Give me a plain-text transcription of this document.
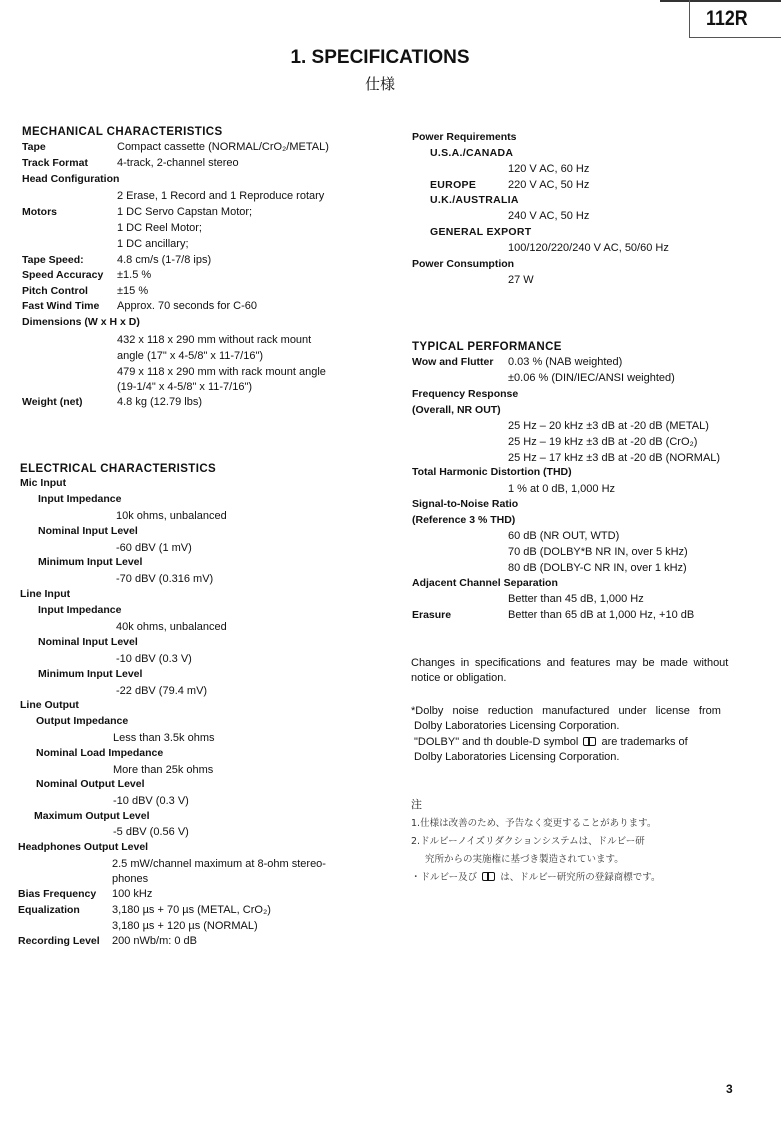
112R
1. SPECIFICATIONS
仕様
MECHANICAL CHARACTERISTICS
Tape	Compact cassette (NORMAL/CrO₂/METAL)
Track Format	4-track, 2-channel stereo
Head Configuration
2 Erase, 1 Record and 1 Reproduce rotary
Motors	1 DC Servo Capstan Motor;
1 DC Reel Motor;
1 DC ancillary;
Tape Speed:	4.8 cm/s (1-7/8 ips)
Speed Accuracy ±1.5 %
Pitch Control	±15 %
Fast Wind Time Approx. 70 seconds for C-60
Dimensions (W x H x D)
432 x 118 x 290 mm without rack mount
angle (17" x 4-5/8" x 11-7/16")
479 x 118 x 290 mm with rack mount angle
(19-1/4" x 4-5/8" x 11-7/16")
Weight (net)	4.8 kg (12.79 lbs)
ELECTRICAL CHARACTERISTICS
Mic Input
Input Impedance
10k ohms, unbalanced
Nominal Input Level
-60 dBV (1 mV)
Minimum Input Level
-70 dBV (0.316 mV)
Line Input
Input Impedance
40k ohms, unbalanced
Nominal Input Level
-10 dBV (0.3 V)
Minimum Input Level
-22 dBV (79.4 mV)
Line Output
Output Impedance
Less than 3.5k ohms
Nominal Load Impedance
More than 25k ohms
Nominal Output Level
-10 dBV (0.3 V)
Maximum Output Level
-5 dBV (0.56 V)
Headphones Output Level
2.5 mW/channel maximum at 8-ohm stereo-
phones
Bias Frequency 100 kHz
Equalization	3,180 µs + 70 µs (METAL, CrO₂)
3,180 µs + 120 µs (NORMAL)
Recording Level 200 nWb/m: 0 dB
Power Requirements
U.S.A./CANADA
120 V AC, 60 Hz
EUROPE	220 V AC, 50 Hz
U.K./AUSTRALIA
240 V AC, 50 Hz
GENERAL EXPORT
100/120/220/240 V AC, 50/60 Hz
Power Consumption
27 W
TYPICAL PERFORMANCE
Wow and Flutter 0.03 % (NAB weighted)
±0.06 % (DIN/IEC/ANSI weighted)
Frequency Response
(Overall, NR OUT)
25 Hz – 20 kHz ±3 dB at -20 dB (METAL)
25 Hz – 19 kHz ±3 dB at -20 dB (CrO₂)
25 Hz – 17 kHz ±3 dB at -20 dB (NORMAL)
Total Harmonic Distortion (THD)
1 % at 0 dB, 1,000 Hz
Signal-to-Noise Ratio
(Reference 3 % THD)
60 dB (NR OUT, WTD)
70 dB (DOLBY*B NR IN, over 5 kHz)
80 dB (DOLBY-C NR IN, over 1 kHz)
Adjacent Channel Separation
Better than 45 dB, 1,000 Hz
Erasure	Better than 65 dB at 1,000 Hz, +10 dB
Changes in specifications and features may be made without
notice or obligation.
*Dolby noise reduction manufactured under license from
Dolby Laboratories Licensing Corporation.
"DOLBY" and th double-D symbol are trademarks of
Dolby Laboratories Licensing Corporation.
注
1.仕様は改善のため、予告なく変更することがあります。
2.ドルビーノイズリダクションシステムは、ドルビー研
究所からの実施権に基づき製造されています。
・ドルビー及び は、ドルビー研究所の登録商標です。
3
